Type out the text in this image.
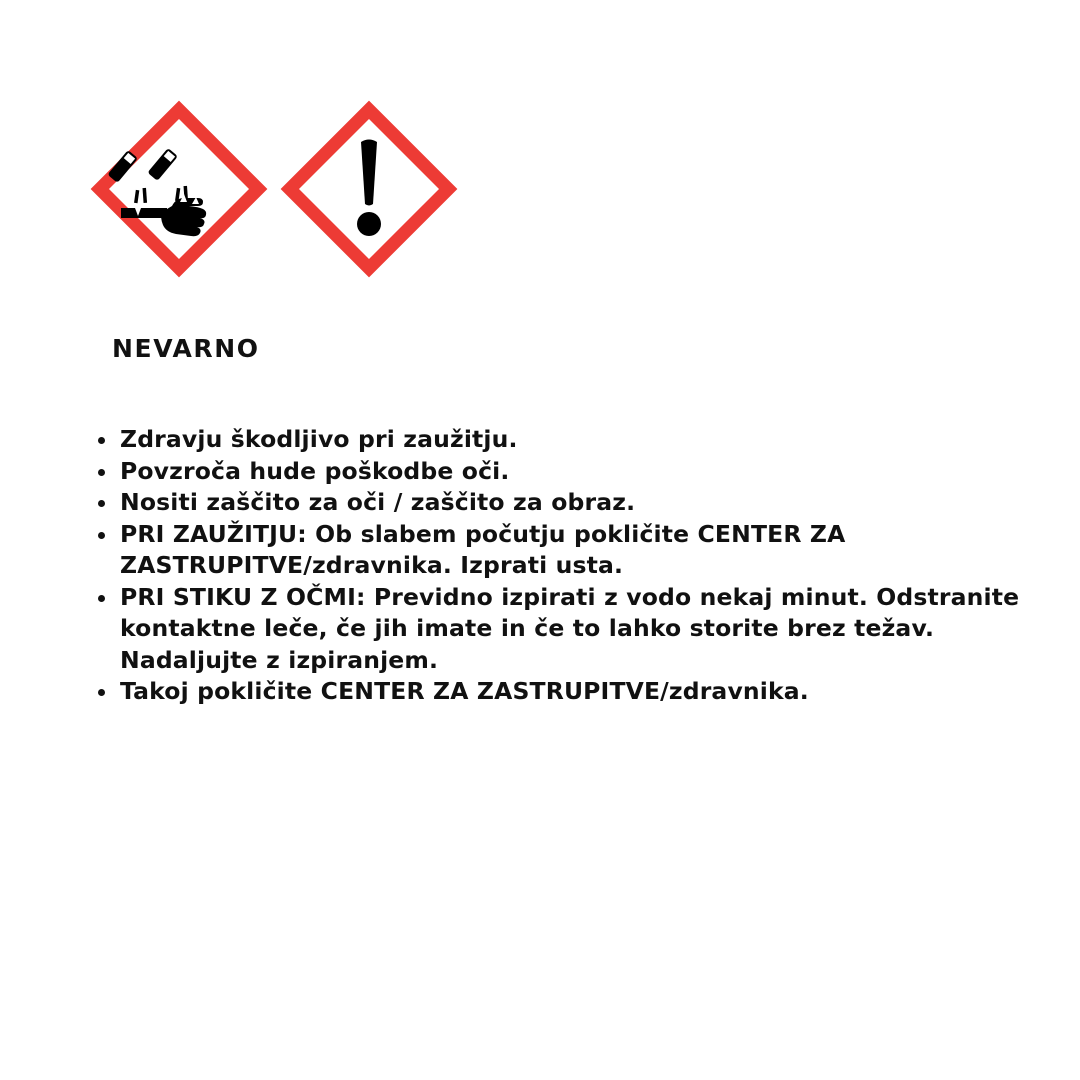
NEVARNO
Zdravju škodljivo pri zaužitju.
Povzroča hude poškodbe oči.
Nositi zaščito za oči / zaščito za obraz.
PRI ZAUŽITJU: Ob slabem počutju pokličite CENTER ZA ZASTRUPITVE/zdravnika. Izprati usta.
PRI STIKU Z OČMI: Previdno izpirati z vodo nekaj minut. Odstranite kontaktne leče, če jih imate in če to lahko storite brez težav. Nadaljujte z izpiranjem.
Takoj pokličite CENTER ZA ZASTRUPITVE/zdravnika.
